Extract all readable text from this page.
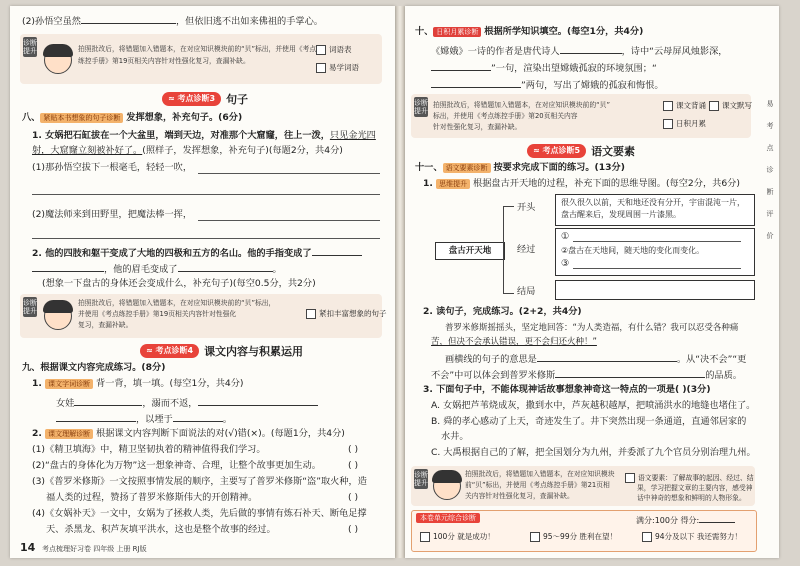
(2)孙悟空虽然	，但依旧逃不出如来佛祖的手掌心。
诊断提升	拍照批改后，将错题加入错题本，在对应知识模块前的“贝”标出，并使用《考点
练控手册》第19页相关内容针对性强化复习，查漏补缺。
词语表
易学词语
≈ 考点诊断3	句子
八、 紧贴本书想象的句子诊断 发挥想象，补充句子。(6分)
1. 女娲把石缸拔在一个大盆里，端到天边，对准那个大窟窿，往上一泼，只见金光四
射，大窟窿立刻被补好了。(照样子，发挥想象，补充句子)(每题2分，共4分)
(1)那孙悟空拔下一根毫毛，轻轻一吹，
(2)魔法师来到田野里，把魔法棒一挥，
2. 他的四肢和躯干变成了大地的四极和五方的名山。他的手指变成了
，他的眉毛变成了	。
(想象一下盘古的身体还会变成什么，补充句子)(每空0.5分，共2分)
诊断提升
拍照批改后，将错题加入错题本，在对应知识模块前的“贝”标出，
并使用《考点练控手册》第19页相关内容针对性强化
复习，查漏补缺。
紧扣丰富想象的句子
≈ 考点诊断4	课文内容与积累运用
九、根据课文内容完成练习。(8分)
1. 课文字词诊断 背一背，填一填。(每空1分，共4分)
女娃	，溺而不返，
，以堙于	。
2. 课文理解诊断 根据课文内容判断下面说法的对(√)错(×)。(每题1分，共4分)
(1)《精卫填海》中，精卫坚韧执着的精神值得我们学习。	( )
(2)“盘古的身体化为万物”这一想象神奇、合理，让整个故事更加生动。	( )
(3)《普罗米修斯》一文按照事情发展的顺序，主要写了普罗米修斯“盗”取火种，造
福人类的过程，赞扬了普罗米修斯伟大的开创精神。	( )
(4)《女娲补天》一文中，女娲为了拯救人类，先后做的事情有炼石补天、断龟足撑
天、杀黑龙、积芦灰填平洪水，这也是整个故事的经过。	( )
14 考点梳理好习卷 四年级 上册 RJ版
十、 日积月累诊断 根据所学知识填空。(每空1分，共4分)
《嫦娥》一诗的作者是唐代诗人	，诗中“云母屏风烛影深，
”一句，渲染出望嫦娥孤寂的环境氛围；“
”两句，写出了嫦娥的孤寂和悔恨。
诊断提升
拍照批改后，将错题加入错题本，在对应知识模块前的“贝”
标出，并使用《考点练控手册》第20页相关内容
针对性强化复习，查漏补缺。
课文背诵	课文默写
日积月累
易
考
点
诊
断
评
价
≈ 考点诊断5	语文要素
十一、 语文要素诊断 按要求完成下面的练习。(13分)
1. 思维提升 根据盘古开天地的过程，补充下面的思维导图。(每空2分，共6分)
盘古开天地
开头
经过
结局
很久很久以前，天和地还没有分开，宇宙混沌一片，盘古醒来后，发现周围一片漆黑。
①
②盘古在天地间，随天地的变化而变化。
③
2. 读句子，完成练习。(2+2，共4分)
普罗米修斯摇摇头，坚定地回答：“为人类造福，有什么错？我可以忍受各种痛
苦，但决不会承认错误，更不会归还火种！”
画横线的句子的意思是	。从“决不会”“更
不会”中可以体会到普罗米修斯	的品质。
3. 下面句子中，不能体现神话故事想象神奇这一特点的一项是( )(3分)
A. 女娲把芦苇烧成灰，撒到水中，芦灰越积越厚，把喷涌洪水的地缝也堵住了。
B. 舜的孝心感动了上天，奇迹发生了。井下突然出现一条通道，直通邻居家的
水井。
C. 大禹根据自己的了解，把全国划分为九州，并委派了九个官员分别治理九州。
诊断提升
拍照批改后，将错题加入错题本，在对应知识模块
前“贝”标出，并使用《考点练控手册》第21页相
关内容针对性强化复习，查漏补缺。
语文要素：了解故事的起因、经过、结
果，学习把握文章的主要内容，感受神
话中神奇的想象和鲜明的人物形象。
本卷单元综合诊断	满分:100分 得分:
100分 就是成功！	95～99分 胜利在望！	94分及以下 我还需努力！
